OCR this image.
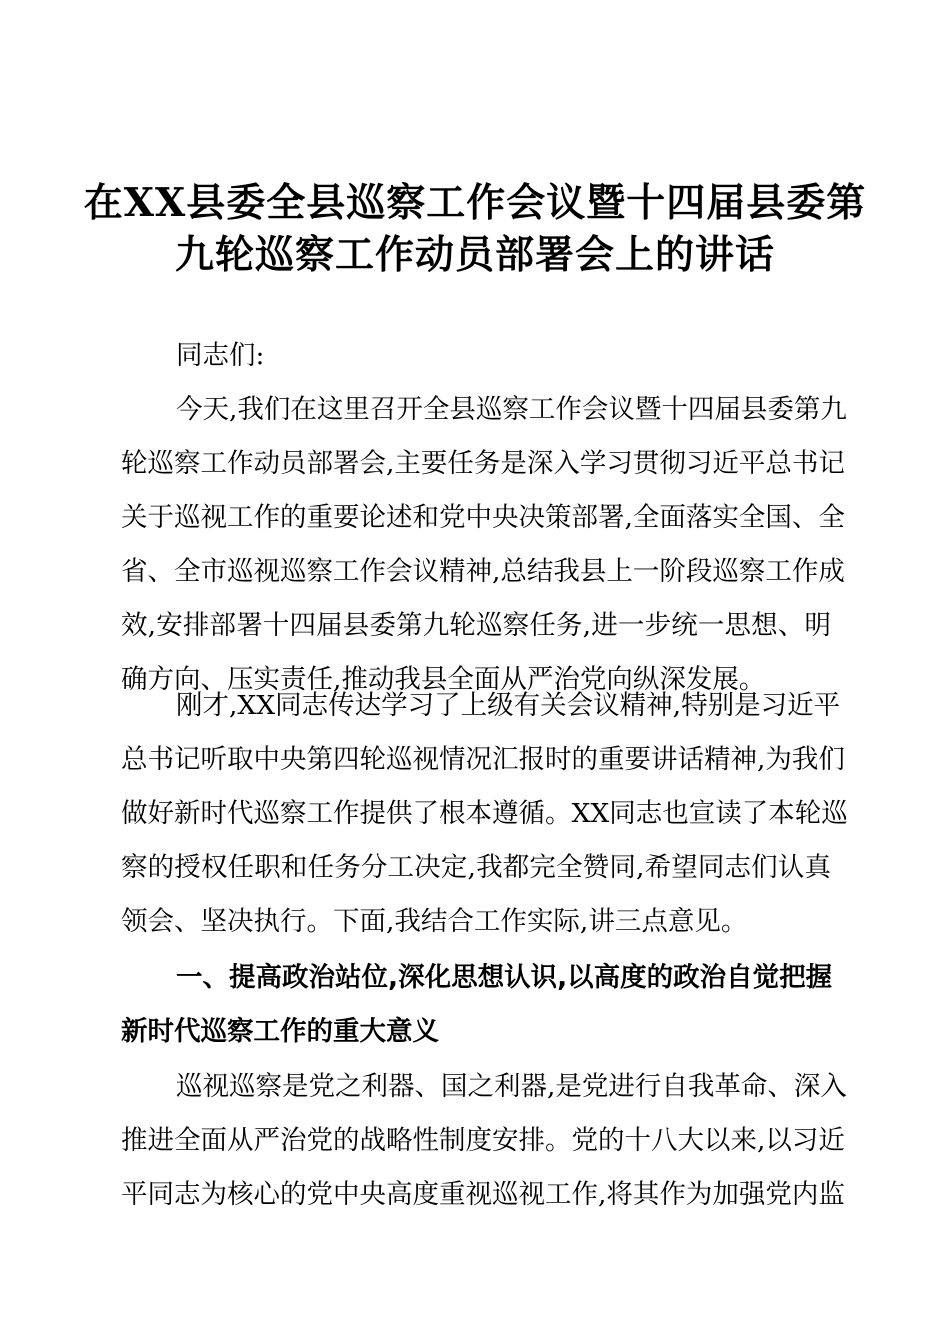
在XX县委全县巡察工作会议暨十四届县委第
九轮巡察工作动员部署会上的讲话
同志们:
今天,我们在这里召开全县巡察工作会议暨十四届县委第九
轮巡察工作动员部署会,主要任务是深入学习贯彻习近平总书记
关于巡视工作的重要论述和党中央决策部署,全面落实全国、全
省、全市巡视巡察工作会议精神,总结我县上一阶段巡察工作成
效,安排部署十四届县委第九轮巡察任务,进一步统一思想、明
确方向、压实责任,推动我县全面从严治党向纵深发展。
刚才,XX同志传达学习了上级有关会议精神,特别是习近平
总书记听取中央第四轮巡视情况汇报时的重要讲话精神,为我们
做好新时代巡察工作提供了根本遵循。XX同志也宣读了本轮巡
察的授权任职和任务分工决定,我都完全赞同,希望同志们认真
领会、坚决执行。下面,我结合工作实际,讲三点意见。
一、提高政治站位,深化思想认识,以高度的政治自觉把握
新时代巡察工作的重大意义
巡视巡察是党之利器、国之利器,是党进行自我革命、深入
推进全面从严治党的战略性制度安排。党的十八大以来,以习近
平同志为核心的党中央高度重视巡视工作,将其作为加强党内监
